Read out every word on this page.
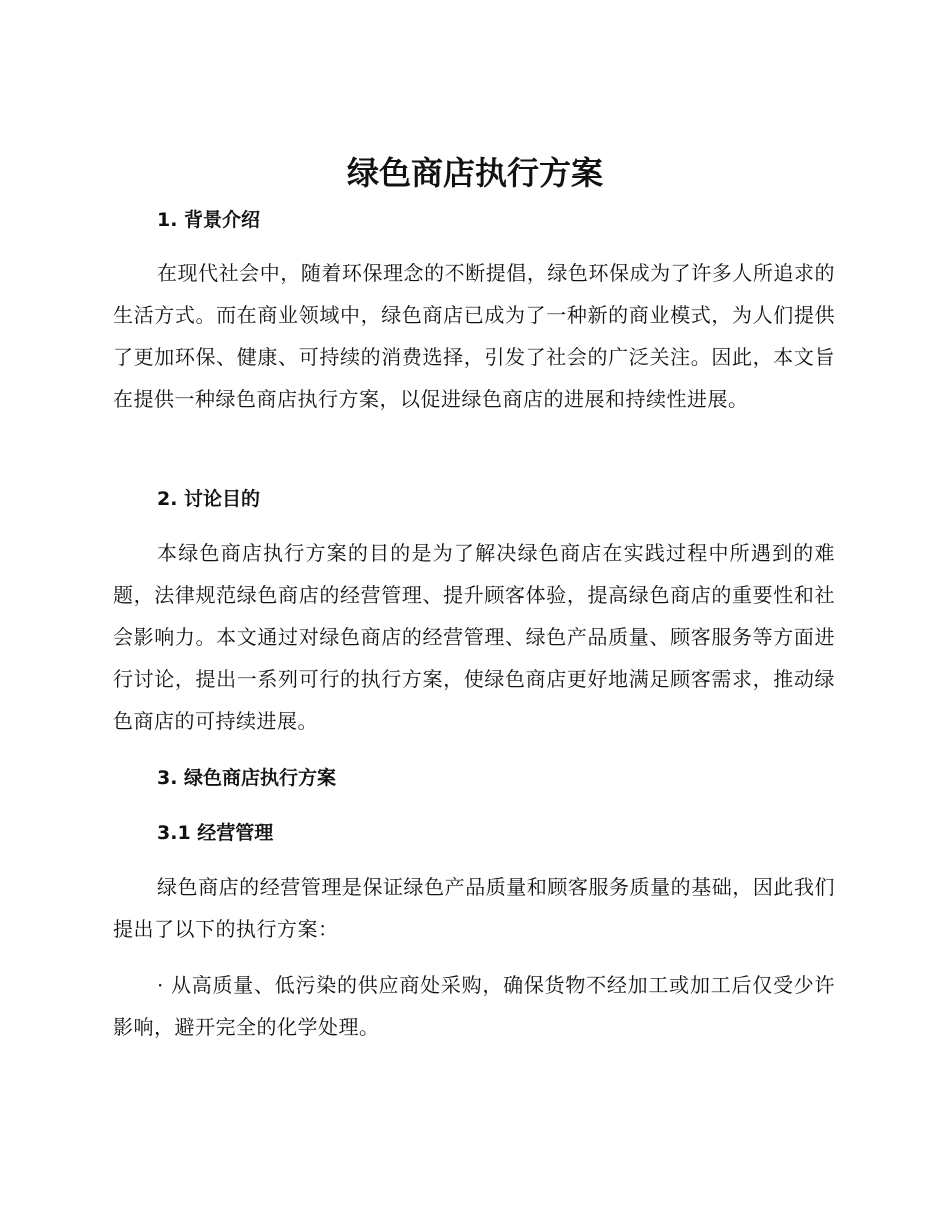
绿色商店执行方案
1. 背景介绍

在现代社会中，随着环保理念的不断提倡，绿色环保成为了许多人所追求的生活方式。而在商业领域中，绿色商店已成为了一种新的商业模式，为人们提供了更加环保、健康、可持续的消费选择，引发了社会的广泛关注。因此，本文旨在提供一种绿色商店执行方案，以促进绿色商店的进展和持续性进展。

2. 讨论目的

本绿色商店执行方案的目的是为了解决绿色商店在实践过程中所遇到的难题，法律规范绿色商店的经营管理、提升顾客体验，提高绿色商店的重要性和社会影响力。本文通过对绿色商店的经营管理、绿色产品质量、顾客服务等方面进行讨论，提出一系列可行的执行方案，使绿色商店更好地满足顾客需求，推动绿色商店的可持续进展。

3. 绿色商店执行方案
3.1 经营管理

绿色商店的经营管理是保证绿色产品质量和顾客服务质量的基础，因此我们提出了以下的执行方案：

· 从高质量、低污染的供应商处采购，确保货物不经加工或加工后仅受少许影响，避开完全的化学处理。
